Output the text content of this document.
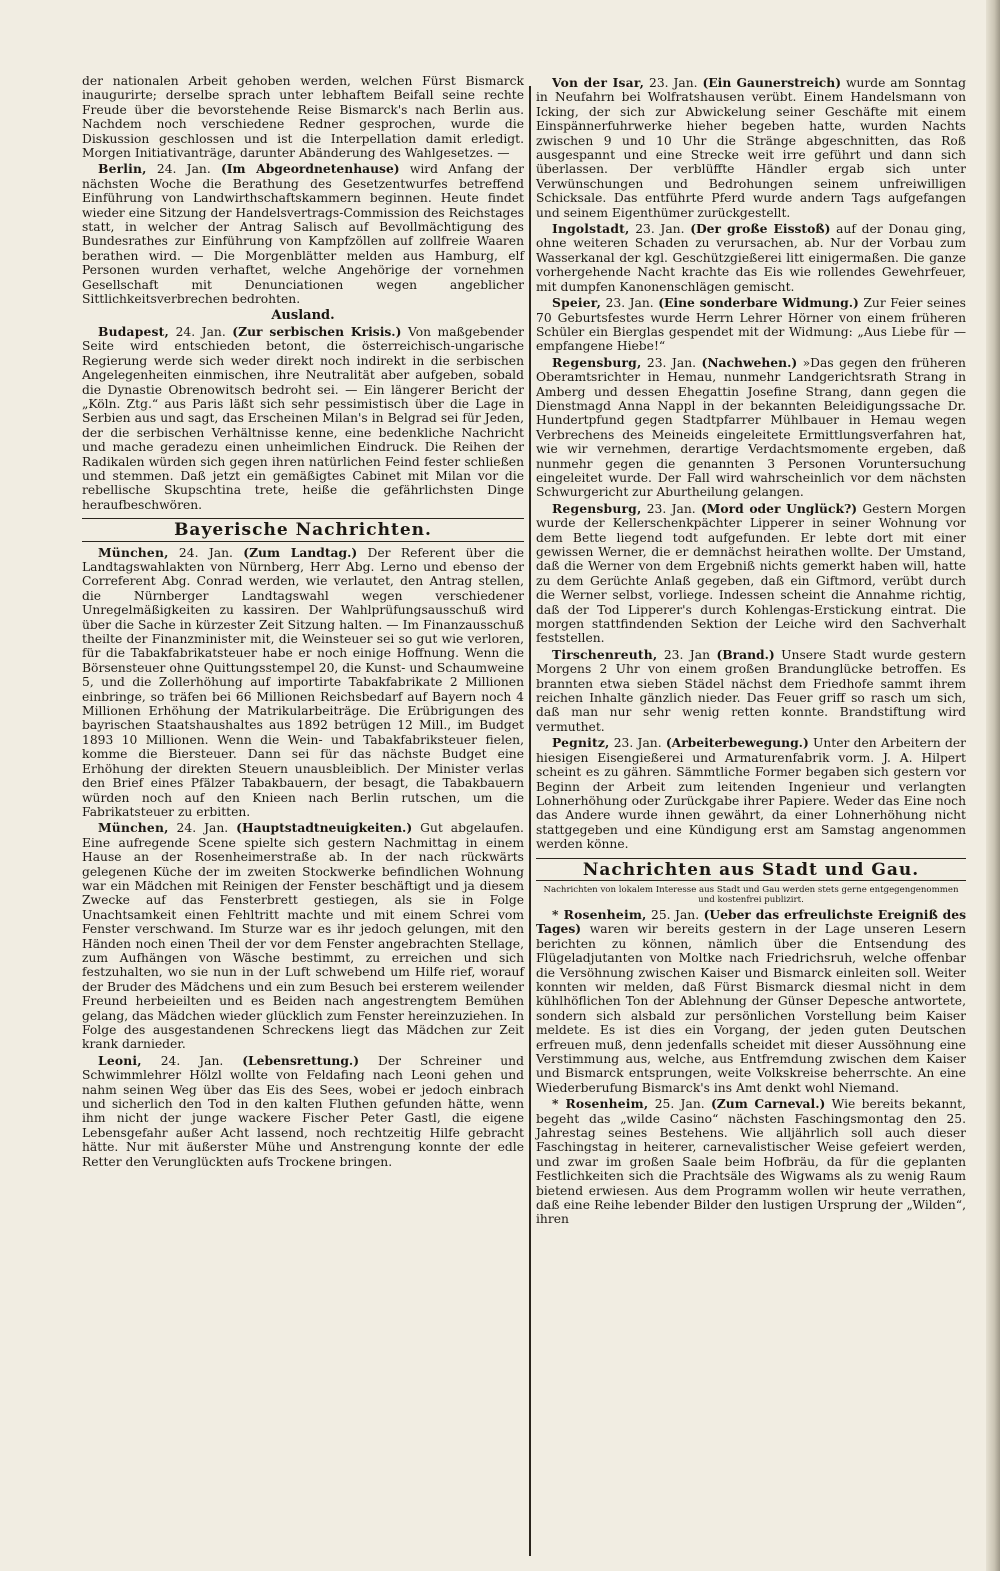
der nationalen Arbeit gehoben werden, welchen Fürst Bismarck inaugurirte; derselbe sprach unter lebhaftem Beifall seine rechte Freude über die bevorstehende Reise Bismarck's nach Berlin aus. Nachdem noch verschiedene Redner gesprochen, wurde die Diskussion geschlossen und ist die Interpellation damit erledigt. Morgen Initiativanträge, darunter Abänderung des Wahlgesetzes. —

Berlin, 24. Jan. (Im Abgeordnetenhause) wird Anfang der nächsten Woche die Berathung des Gesetzentwurfes betreffend Einführung von Landwirthschaftskammern beginnen. Heute findet wieder eine Sitzung der Handelsvertrags-Commission des Reichstages statt, in welcher der Antrag Salisch auf Bevollmächtigung des Bundesrathes zur Einführung von Kampfzöllen auf zollfreie Waaren berathen wird. — Die Morgenblätter melden aus Hamburg, elf Personen wurden verhaftet, welche Angehörige der vornehmen Gesellschaft mit Denunciationen wegen angeblicher Sittlichkeitsverbrechen bedrohten.

Ausland.

Budapest, 24. Jan. (Zur serbischen Krisis.) Von maßgebender Seite wird entschieden betont, die österreichisch-ungarische Regierung werde sich weder direkt noch indirekt in die serbischen Angelegenheiten einmischen, ihre Neutralität aber aufgeben, sobald die Dynastie Obrenowitsch bedroht sei. — Ein längerer Bericht der „Köln. Ztg.“ aus Paris läßt sich sehr pessimistisch über die Lage in Serbien aus und sagt, das Erscheinen Milan's in Belgrad sei für Jeden, der die serbischen Verhältnisse kenne, eine bedenkliche Nachricht und mache geradezu einen unheimlichen Eindruck. Die Reihen der Radikalen würden sich gegen ihren natürlichen Feind fester schließen und stemmen. Daß jetzt ein gemäßigtes Cabinet mit Milan vor die rebellische Skupschtina trete, heiße die gefährlichsten Dinge heraufbeschwören.

Bayerische Nachrichten.

München, 24. Jan. (Zum Landtag.) Der Referent über die Landtagswahlakten von Nürnberg, Herr Abg. Lerno und ebenso der Correferent Abg. Conrad werden, wie verlautet, den Antrag stellen, die Nürnberger Landtagswahl wegen verschiedener Unregelmäßigkeiten zu kassiren. Der Wahlprüfungsausschuß wird über die Sache in kürzester Zeit Sitzung halten. — Im Finanzausschuß theilte der Finanzminister mit, die Weinsteuer sei so gut wie verloren, für die Tabakfabrikatsteuer habe er noch einige Hoffnung. Wenn die Börsensteuer ohne Quittungsstempel 20, die Kunst- und Schaumweine 5, und die Zollerhöhung auf importirte Tabakfabrikate 2 Millionen einbringe, so träfen bei 66 Millionen Reichsbedarf auf Bayern noch 4 Millionen Erhöhung der Matrikularbeiträge. Die Erübrigungen des bayrischen Staatshaushaltes aus 1892 betrügen 12 Mill., im Budget 1893 10 Millionen. Wenn die Wein- und Tabakfabriksteuer fielen, komme die Biersteuer. Dann sei für das nächste Budget eine Erhöhung der direkten Steuern unausbleiblich. Der Minister verlas den Brief eines Pfälzer Tabakbauern, der besagt, die Tabakbauern würden noch auf den Knieen nach Berlin rutschen, um die Fabrikatsteuer zu erbitten.

München, 24. Jan. (Hauptstadtneuigkeiten.) Gut abgelaufen. Eine aufregende Scene spielte sich gestern Nachmittag in einem Hause an der Rosenheimerstraße ab. In der nach rückwärts gelegenen Küche der im zweiten Stockwerke befindlichen Wohnung war ein Mädchen mit Reinigen der Fenster beschäftigt und ja diesem Zwecke auf das Fensterbrett gestiegen, als sie in Folge Unachtsamkeit einen Fehltritt machte und mit einem Schrei vom Fenster verschwand. Im Sturze war es ihr jedoch gelungen, mit den Händen noch einen Theil der vor dem Fenster angebrachten Stellage, zum Aufhängen von Wäsche bestimmt, zu erreichen und sich festzuhalten, wo sie nun in der Luft schwebend um Hilfe rief, worauf der Bruder des Mädchens und ein zum Besuch bei ersterem weilender Freund herbeieilten und es Beiden nach angestrengtem Bemühen gelang, das Mädchen wieder glücklich zum Fenster hereinzuziehen. In Folge des ausgestandenen Schreckens liegt das Mädchen zur Zeit krank darnieder.

Leoni, 24. Jan. (Lebensrettung.) Der Schreiner und Schwimmlehrer Hölzl wollte von Feldafing nach Leoni gehen und nahm seinen Weg über das Eis des Sees, wobei er jedoch einbrach und sicherlich den Tod in den kalten Fluthen gefunden hätte, wenn ihm nicht der junge wackere Fischer Peter Gastl, die eigene Lebensgefahr außer Acht lassend, noch rechtzeitig Hilfe gebracht hätte. Nur mit äußerster Mühe und Anstrengung konnte der edle Retter den Verunglückten aufs Trockene bringen.

Von der Isar, 23. Jan. (Ein Gaunerstreich) wurde am Sonntag in Neufahrn bei Wolfratshausen verübt. Einem Handelsmann von Icking, der sich zur Abwickelung seiner Geschäfte mit einem Einspännerfuhrwerke hieher begeben hatte, wurden Nachts zwischen 9 und 10 Uhr die Stränge abgeschnitten, das Roß ausgespannt und eine Strecke weit irre geführt und dann sich überlassen. Der verblüffte Händler ergab sich unter Verwünschungen und Bedrohungen seinem unfreiwilligen Schicksale. Das entführte Pferd wurde andern Tags aufgefangen und seinem Eigenthümer zurückgestellt.

Ingolstadt, 23. Jan. (Der große Eisstoß) auf der Donau ging, ohne weiteren Schaden zu verursachen, ab. Nur der Vorbau zum Wasserkanal der kgl. Geschützgießerei litt einigermaßen. Die ganze vorhergehende Nacht krachte das Eis wie rollendes Gewehrfeuer, mit dumpfen Kanonenschlägen gemischt.

Speier, 23. Jan. (Eine sonderbare Widmung.) Zur Feier seines 70 Geburtsfestes wurde Herrn Lehrer Hörner von einem früheren Schüler ein Bierglas gespendet mit der Widmung: „Aus Liebe für — empfangene Hiebe!“

Regensburg, 23. Jan. (Nachwehen.) »Das gegen den früheren Oberamtsrichter in Hemau, nunmehr Landgerichtsrath Strang in Amberg und dessen Ehegattin Josefine Strang, dann gegen die Dienstmagd Anna Nappl in der bekannten Beleidigungssache Dr. Hundertpfund gegen Stadtpfarrer Mühlbauer in Hemau wegen Verbrechens des Meineids eingeleitete Ermittlungsverfahren hat, wie wir vernehmen, derartige Verdachtsmomente ergeben, daß nunmehr gegen die genannten 3 Personen Voruntersuchung eingeleitet wurde. Der Fall wird wahrscheinlich vor dem nächsten Schwurgericht zur Aburtheilung gelangen.

Regensburg, 23. Jan. (Mord oder Unglück?) Gestern Morgen wurde der Kellerschenkpächter Lipperer in seiner Wohnung vor dem Bette liegend todt aufgefunden. Er lebte dort mit einer gewissen Werner, die er demnächst heirathen wollte. Der Umstand, daß die Werner von dem Ergebniß nichts gemerkt haben will, hatte zu dem Gerüchte Anlaß gegeben, daß ein Giftmord, verübt durch die Werner selbst, vorliege. Indessen scheint die Annahme richtig, daß der Tod Lipperer's durch Kohlengas-Erstickung eintrat. Die morgen stattfindenden Sektion der Leiche wird den Sachverhalt feststellen.

Tirschenreuth, 23. Jan (Brand.) Unsere Stadt wurde gestern Morgens 2 Uhr von einem großen Brandunglücke betroffen. Es brannten etwa sieben Städel nächst dem Friedhofe sammt ihrem reichen Inhalte gänzlich nieder. Das Feuer griff so rasch um sich, daß man nur sehr wenig retten konnte. Brandstiftung wird vermuthet.

Pegnitz, 23. Jan. (Arbeiterbewegung.) Unter den Arbeitern der hiesigen Eisengießerei und Armaturenfabrik vorm. J. A. Hilpert scheint es zu gähren. Sämmtliche Former begaben sich gestern vor Beginn der Arbeit zum leitenden Ingenieur und verlangten Lohnerhöhung oder Zurückgabe ihrer Papiere. Weder das Eine noch das Andere wurde ihnen gewährt, da einer Lohnerhöhung nicht stattgegeben und eine Kündigung erst am Samstag angenommen werden könne.

Nachrichten aus Stadt und Gau.
Nachrichten von lokalem Interesse aus Stadt und Gau werden stets gerne entgegengenommen und kostenfrei publizirt.

* Rosenheim, 25. Jan. (Ueber das erfreulichste Ereigniß des Tages) waren wir bereits gestern in der Lage unseren Lesern berichten zu können, nämlich über die Entsendung des Flügeladjutanten von Moltke nach Friedrichsruh, welche offenbar die Versöhnung zwischen Kaiser und Bismarck einleiten soll. Weiter konnten wir melden, daß Fürst Bismarck diesmal nicht in dem kühlhöflichen Ton der Ablehnung der Günser Depesche antwortete, sondern sich alsbald zur persönlichen Vorstellung beim Kaiser meldete. Es ist dies ein Vorgang, der jeden guten Deutschen erfreuen muß, denn jedenfalls scheidet mit dieser Aussöhnung eine Verstimmung aus, welche, aus Entfremdung zwischen dem Kaiser und Bismarck entsprungen, weite Volkskreise beherrschte. An eine Wiederberufung Bismarck's ins Amt denkt wohl Niemand.

* Rosenheim, 25. Jan. (Zum Carneval.) Wie bereits bekannt, begeht das „wilde Casino“ nächsten Faschingsmontag den 25. Jahrestag seines Bestehens. Wie alljährlich soll auch dieser Faschingstag in heiterer, carnevalistischer Weise gefeiert werden, und zwar im großen Saale beim Hofbräu, da für die geplanten Festlichkeiten sich die Prachtsäle des Wigwams als zu wenig Raum bietend erwiesen. Aus dem Programm wollen wir heute verrathen, daß eine Reihe lebender Bilder den lustigen Ursprung der „Wilden“, ihren
